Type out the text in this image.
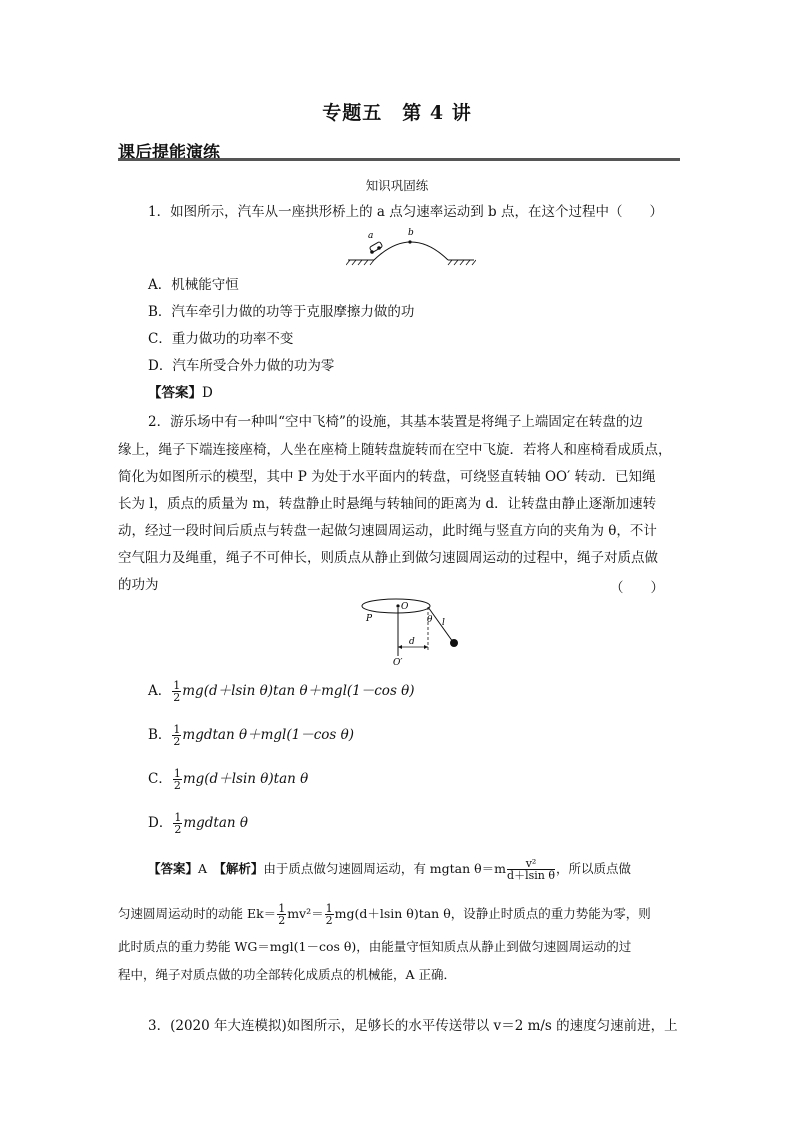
专题五　第 4 讲
课后提能演练
知识巩固练
1．如图所示，汽车从一座拱形桥上的 a 点匀速率运动到 b 点，在这个过程中（　　）
a	b
A．机械能守恒
B．汽车牵引力做的功等于克服摩擦力做的功
C．重力做功的功率不变
D．汽车所受合外力做的功为零
【答案】D
2．游乐场中有一种叫“空中飞椅”的设施，其基本装置是将绳子上端固定在转盘的边
缘上，绳子下端连接座椅，人坐在座椅上随转盘旋转而在空中飞旋．若将人和座椅看成质点，
简化为如图所示的模型，其中 P 为处于水平面内的转盘，可绕竖直转轴 OO′ 转动．已知绳
长为 l，质点的质量为 m，转盘静止时悬绳与转轴间的距离为 d．让转盘由静止逐渐加速转
动，经过一段时间后质点与转盘一起做匀速圆周运动，此时绳与竖直方向的夹角为 θ，不计
空气阻力及绳重，绳子不可伸长，则质点从静止到做匀速圆周运动的过程中，绳子对质点做
的功为	（　　）
P
O
θ l
d
O′
A． $\frac{1}{2} mg(d+lsin$ θ)tan θ＋mgl(1－cos θ)
B． $\frac{1}{2}$ mgdtan θ＋mgl(1－cos θ)
C． $\frac{1}{2} mg(d+lsin$ θ)tan θ
D． $\frac{1}{2}$ mgdtan θ
【答案】A　 【解析】由于质点做匀速圆周运动，有 mgtan $\theta=m \frac{\text{v²}}{\text{d＋lsin θ}}$ ，所以质点做
匀速圆周运动时的动能 $Ek= \frac{1}{2} mv^2= \frac{1}{2} mg(d+lsin$ θ)tan θ，设静止时质点的重力势能为零，则
此时质点的重力势能 WG＝mgl(1－cos θ)，由能量守恒知质点从静止到做匀速圆周运动的过
程中，绳子对质点做的功全部转化成质点的机械能，A 正确．
3．(2020 年大连模拟)如图所示，足够长的水平传送带以 v＝2 m/s 的速度匀速前进，上
